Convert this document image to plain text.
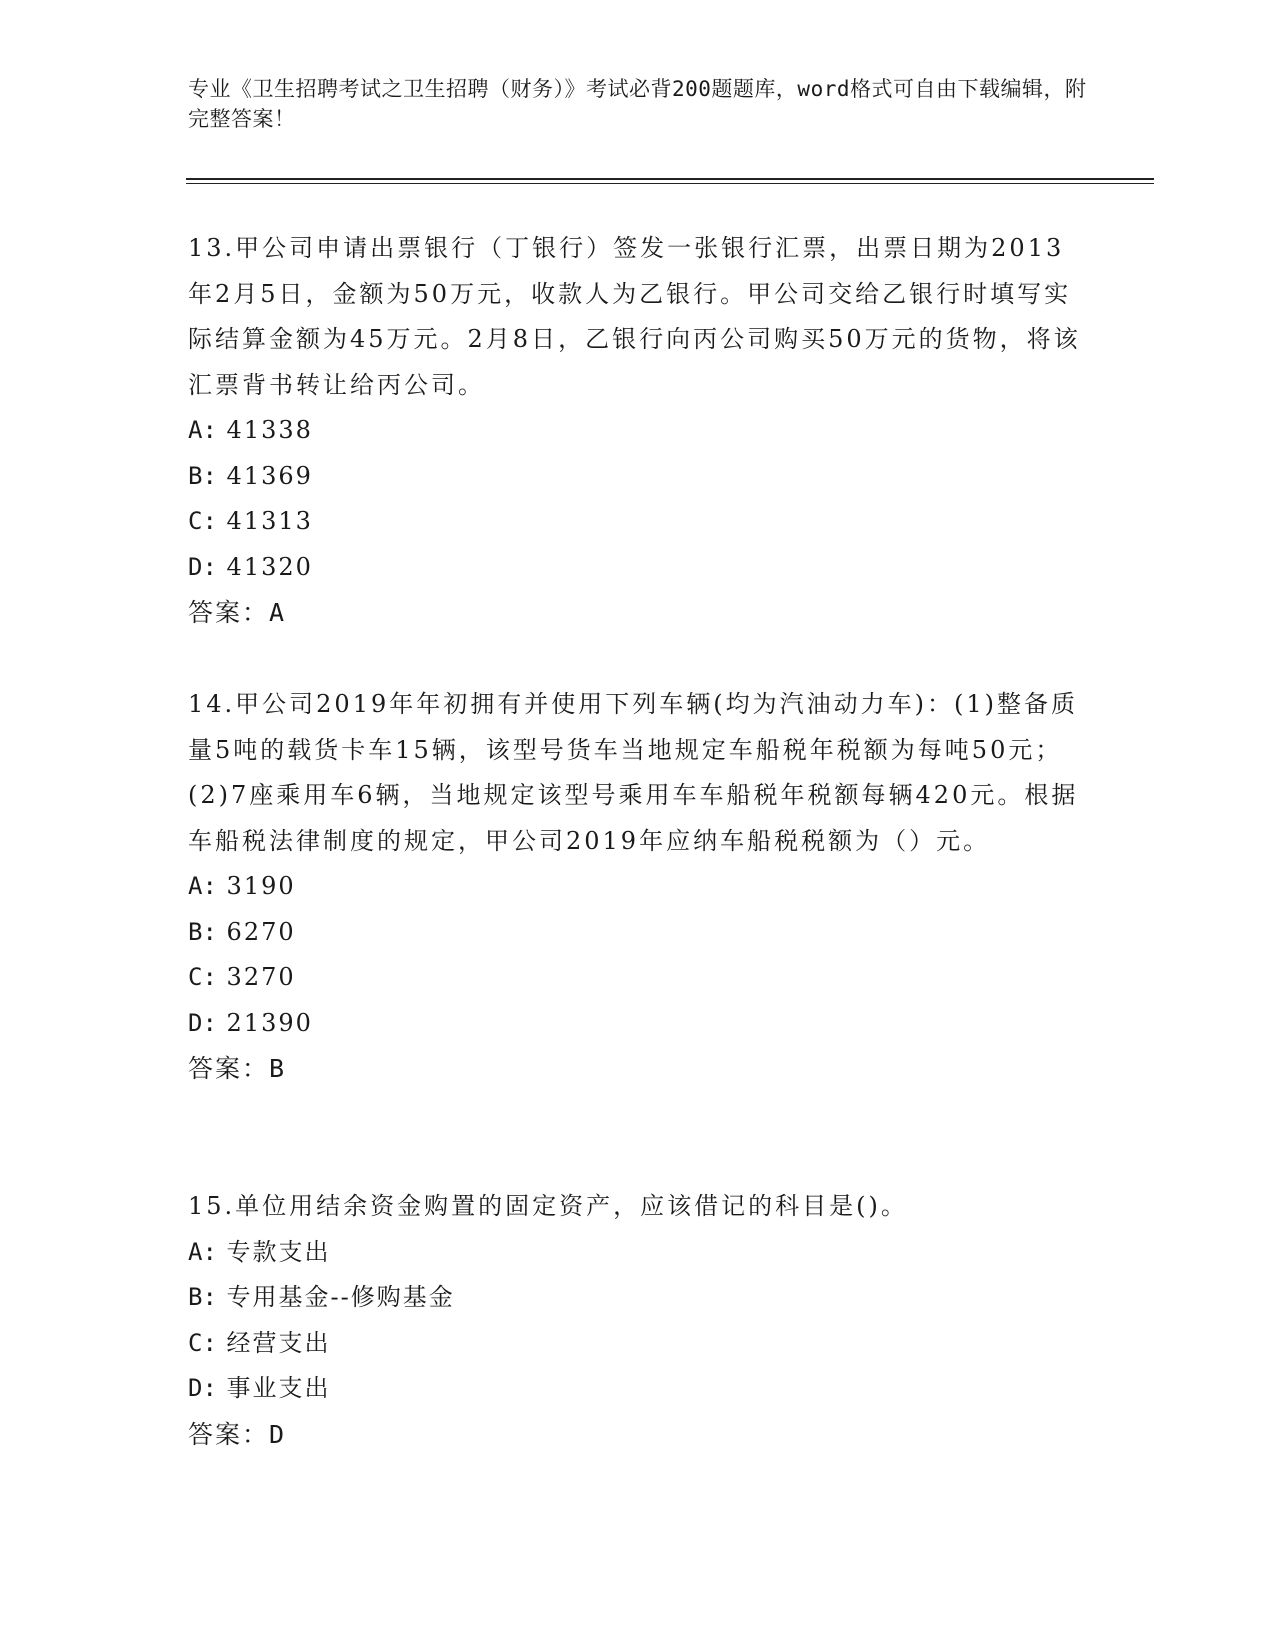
专业《卫生招聘考试之卫生招聘（财务）》考试必背200题题库，word格式可自由下载编辑，附完整答案！

13.甲公司申请出票银行（丁银行）签发一张银行汇票，出票日期为2013年2月5日，金额为50万元，收款人为乙银行。甲公司交给乙银行时填写实际结算金额为45万元。2月8日，乙银行向丙公司购买50万元的货物，将该汇票背书转让给丙公司。

A: 41338

B: 41369

C: 41313

D: 41320

答案：A

14.甲公司2019年年初拥有并使用下列车辆(均为汽油动力车)：(1)整备质量5吨的载货卡车15辆，该型号货车当地规定车船税年税额为每吨50元；(2)7座乘用车6辆，当地规定该型号乘用车车船税年税额每辆420元。根据车船税法律制度的规定，甲公司2019年应纳车船税税额为（）元。

A: 3190

B: 6270

C: 3270

D: 21390

答案：B

15.单位用结余资金购置的固定资产，应该借记的科目是()。

A: 专款支出

B: 专用基金--修购基金

C: 经营支出

D: 事业支出

答案：D
